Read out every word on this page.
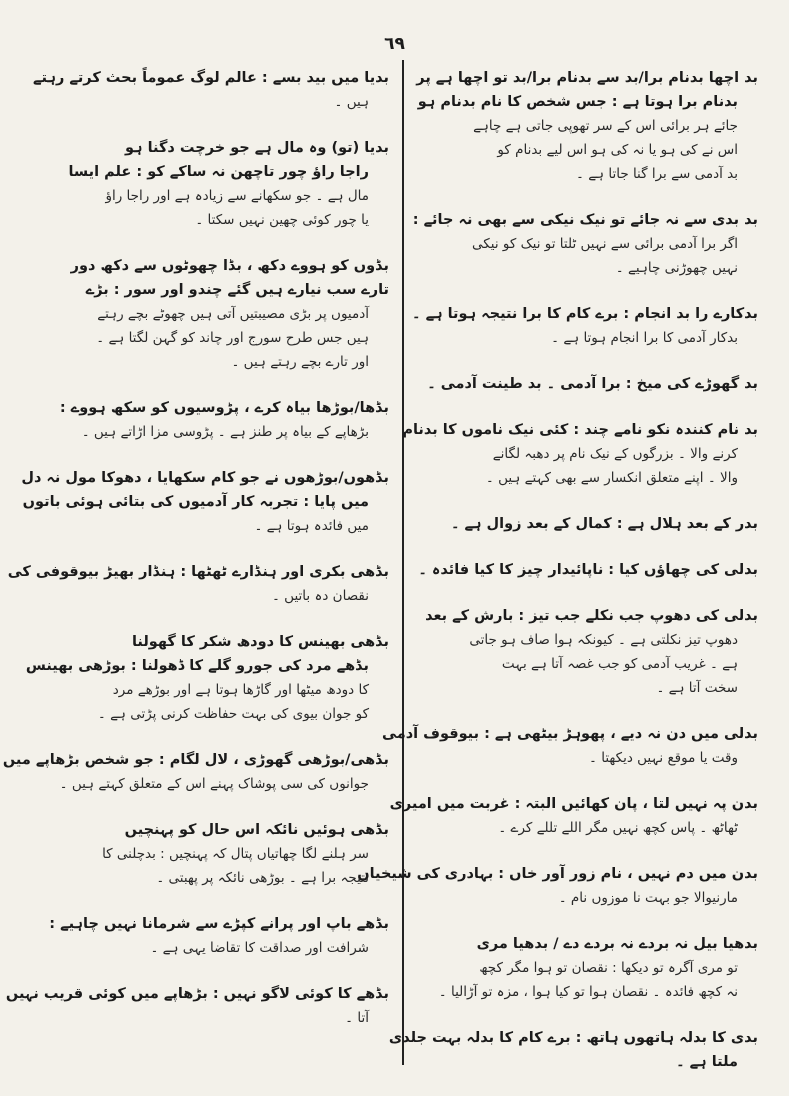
٦٩
بد اچھا بدنام برا/بد سے بدنام برا/بد تو اچھا ہے پر
بدنام برا ہوتا ہے : جس شخص کا نام بدنام ہو
جائے ہر برائی اس کے سر تھوپی جاتی ہے چاہے
اس نے کی ہو یا نہ کی ہو اس لیے بدنام کو
بد آدمی سے برا گنا جاتا ہے ۔
بد بدی سے نہ جائے تو نیک نیکی سے بھی نہ جائے :
اگر برا آدمی برائی سے نہیں ٹلتا تو نیک کو نیکی
نہیں چھوڑنی چاہیے ۔
بدکارے را بد انجام : برے کام کا برا نتیجہ ہوتا ہے ۔
بدکار آدمی کا برا انجام ہوتا ہے ۔
بد گھوڑے کی میخ : برا آدمی ۔ بد طینت آدمی ۔
بد نام کنندہ نکو نامے چند : کئی نیک ناموں کا بدنام
کرنے والا ۔ بزرگوں کے نیک نام پر دھبہ لگانے
والا ۔ اپنے متعلق انکسار سے بھی کہتے ہیں ۔
بدر کے بعد ہلال ہے : کمال کے بعد زوال ہے ۔
بدلی کی چھاؤں کیا : ناپائیدار چیز کا کیا فائدہ ۔
بدلی کی دھوپ جب نکلے جب تیز : بارش کے بعد
دھوپ تیز نکلتی ہے ۔ کیونکہ ہوا صاف ہو جاتی
ہے ۔ غریب آدمی کو جب غصہ آتا ہے بہت
سخت آتا ہے ۔
بدلی میں دن نہ دیے ، پھوہڑ بیٹھی ہے : بیوقوف آدمی
وقت یا موقع نہیں دیکھتا ۔
بدن پہ نہیں لتا ، پان کھائیں البتہ : غربت میں امیری
ٹھاٹھ ۔ پاس کچھ نہیں مگر اللے تللے کرے ۔
بدن میں دم نہیں ، نام زور آور خاں : بہادری کی شیخیاں
مارنیوالا جو بہت نا موزوں نام ۔
بدھیا بیل نہ بردے نہ بردے دے / بدھیا مری
تو مری آگرہ تو دیکھا : نقصان تو ہوا مگر کچھ
نہ کچھ فائدہ ۔ نقصان ہوا تو کیا ہوا ، مزہ تو آڑالیا ۔
بدی کا بدلہ ہاتھوں ہاتھ : برے کام کا بدلہ بہت جلدی
ملتا ہے ۔
بدیا میں بید بسے : عالم لوگ عموماً بحث کرتے رہتے
ہیں ۔
بدیا (تو) وہ مال ہے جو خرچت دگنا ہو
راجا راؤ چور تاچھن نہ ساکے کو : علم ایسا
مال ہے ۔ جو سکھانے سے زیادہ ہے اور راجا راؤ
یا چور کوئی چھین نہیں سکتا ۔
بڈوں کو ہووے دکھ ، بڈا چھوٹوں سے دکھ دور
تارے سب نیارے ہیں گئے چندو اور سور : بڑے
آدمیوں پر بڑی مصیبتیں آتی ہیں چھوٹے بچے رہتے
ہیں جس طرح سورج اور چاند کو گہن لگتا ہے ۔
اور تارے بچے رہتے ہیں ۔
بڈھا/بوڑھا بیاہ کرے ، پڑوسیوں کو سکھ ہووے :
بڑھاپے کے بیاہ پر طنز ہے ۔ پڑوسی مزا اڑاتے ہیں ۔
بڈھوں/بوڑھوں نے جو کام سکھایا ، دھوکا مول نہ دل
میں پایا : تجربہ کار آدمیوں کی بتائی ہوئی باتوں
میں فائدہ ہوتا ہے ۔
بڈھی بکری اور ہنڈارے ٹھٹھا : ہنڈار بھیڑ بیوقوفی کی
نقصان دہ باتیں ۔
بڈھی بھینس کا دودھ شکر کا گھولنا
بڈھے مرد کی جورو گلے کا ڈھولنا : بوڑھی بھینس
کا دودھ میٹھا اور گاڑھا ہوتا ہے اور بوڑھے مرد
کو جوان بیوی کی بہت حفاظت کرنی پڑتی ہے ۔
بڈھی/بوڑھی گھوڑی ، لال لگام : جو شخص بڑھاپے میں
جوانوں کی سی پوشاک پہنے اس کے متعلق کہتے ہیں ۔
بڈھی ہوئیں نائکہ اس حال کو پہنچیں
سر ہلنے لگا چھاتیاں پتال کہ پہنچیں : بدچلنی کا
نتیجہ برا ہے ۔ بوڑھی نائکہ پر پھبتی ۔
بڈھے باپ اور پرانے کپڑے سے شرمانا نہیں چاہیے :
شرافت اور صداقت کا تقاضا یہی ہے ۔
بڈھے کا کوئی لاگو نہیں : بڑھاپے میں کوئی قریب نہیں
آتا ۔
